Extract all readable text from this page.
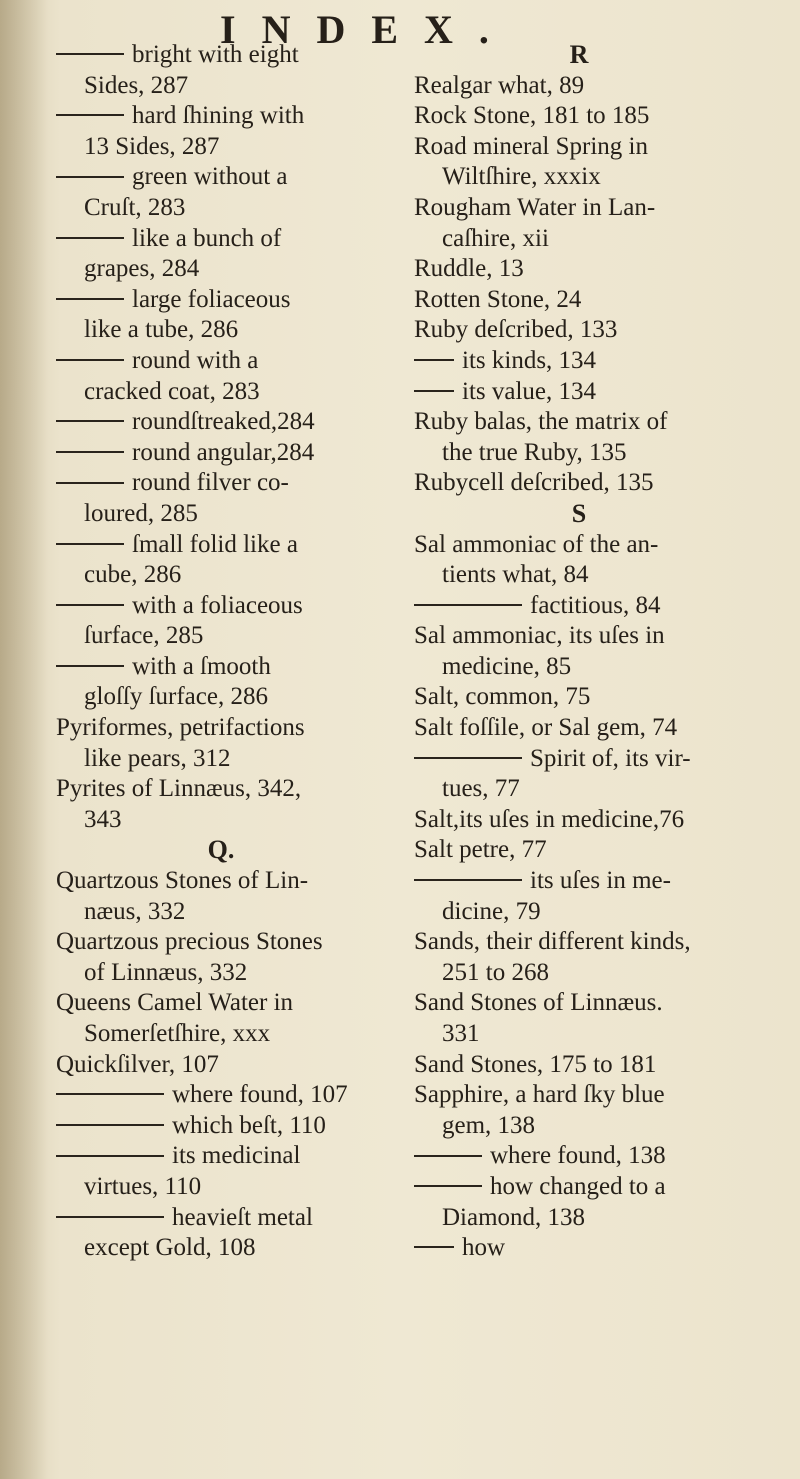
INDEX.
bright with eight
Sides, 287
hard ſhining with
13 Sides, 287
green without a
Cruſt, 283
like a bunch of
grapes, 284
large foliaceous
like a tube, 286
round with a
cracked coat, 283
roundſtreaked,284
round angular,284
round filver co-
loured, 285
ſmall folid like a
cube, 286
with a foliaceous
ſurface, 285
with a ſmooth
gloſſy ſurface, 286
Pyriformes, petrifactions
like pears, 312
Pyrites of Linnæus, 342,
343
Q.
Quartzous Stones of Lin-
næus, 332
Quartzous precious Stones
of Linnæus, 332
Queens Camel Water in
Somerſetſhire, xxx
Quickſilver, 107
where found, 107
which beſt, 110
its medicinal
virtues, 110
heavieſt metal
except Gold, 108
R
Realgar what, 89
Rock Stone, 181 to 185
Road mineral Spring in
Wiltſhire, xxxix
Rougham Water in Lan-
caſhire, xii
Ruddle, 13
Rotten Stone, 24
Ruby deſcribed, 133
its kinds, 134
its value, 134
Ruby balas, the matrix of
the true Ruby, 135
Rubycell deſcribed, 135
S
Sal ammoniac of the an-
tients what, 84
factitious, 84
Sal ammoniac, its uſes in
medicine, 85
Salt, common, 75
Salt foſſile, or Sal gem, 74
Spirit of, its vir-
tues, 77
Salt,its uſes in medicine,76
Salt petre, 77
its uſes in me-
dicine, 79
Sands, their different kinds,
251 to 268
Sand Stones of Linnæus.
331
Sand Stones, 175 to 181
Sapphire, a hard ſky blue
gem, 138
where found, 138
how changed to a
Diamond, 138
how
